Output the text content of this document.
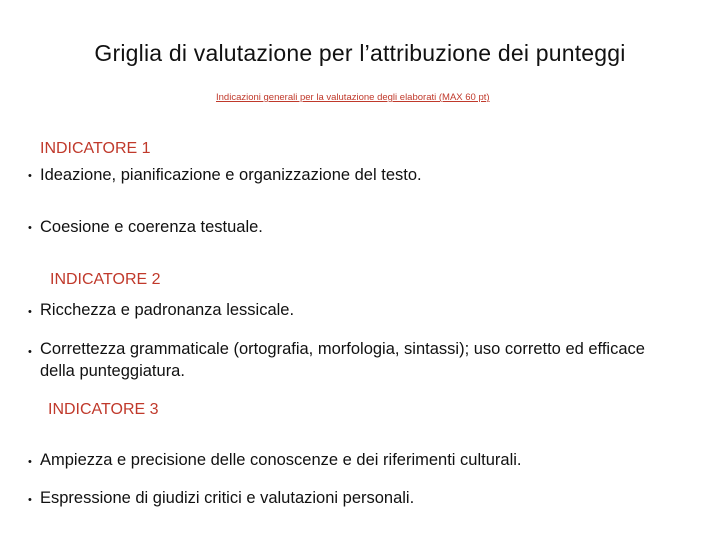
Griglia di valutazione per l’attribuzione dei punteggi
Indicazioni generali per la valutazione degli elaborati (MAX 60 pt)
INDICATORE 1
• Ideazione, pianificazione e organizzazione del testo.
• Coesione e coerenza testuale.
INDICATORE 2
• Ricchezza e padronanza lessicale.
• Correttezza grammaticale (ortografia, morfologia, sintassi); uso corretto ed efficace della punteggiatura.
INDICATORE 3
• Ampiezza e precisione delle conoscenze e dei riferimenti culturali.
• Espressione di giudizi critici e valutazioni personali.
